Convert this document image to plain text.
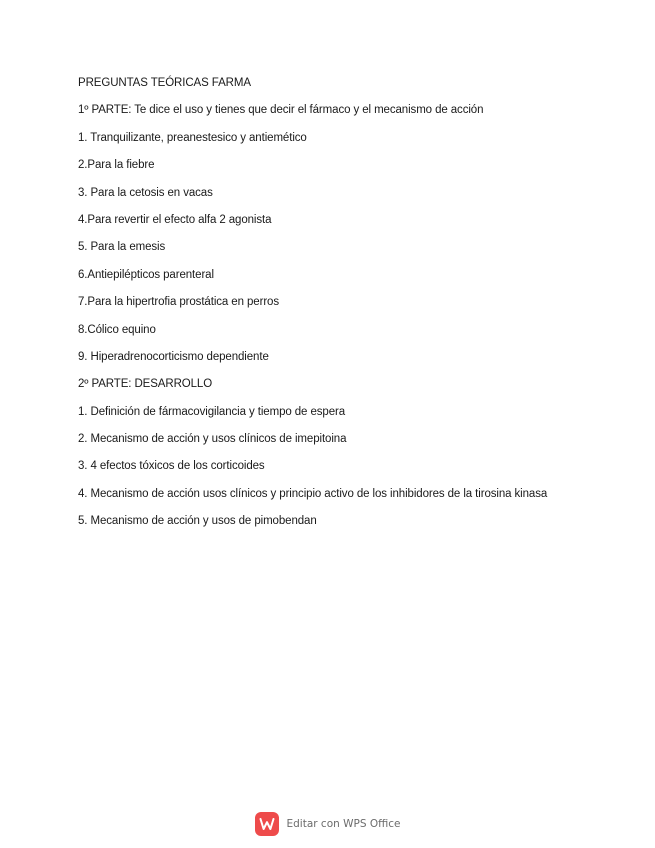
PREGUNTAS TEÓRICAS FARMA
1º PARTE: Te dice el uso y tienes que decir el fármaco y el mecanismo de acción
1. Tranquilizante, preanestesico y antiemético
2.Para la fiebre
3. Para la cetosis en vacas
4.Para revertir el efecto alfa 2 agonista
5. Para la emesis
6.Antiepilépticos parenteral
7.Para la hipertrofia prostática en perros
8.Cólico equino
9. Hiperadrenocorticismo dependiente
2º PARTE: DESARROLLO
1. Definición de fármacovigilancia y tiempo de espera
2. Mecanismo de acción y usos clínicos de imepitoina
3. 4 efectos tóxicos de los corticoides
4. Mecanismo de acción usos clínicos y principio activo de los inhibidores de la tirosina kinasa
5. Mecanismo de acción y usos de pimobendan
Editar con WPS Office
